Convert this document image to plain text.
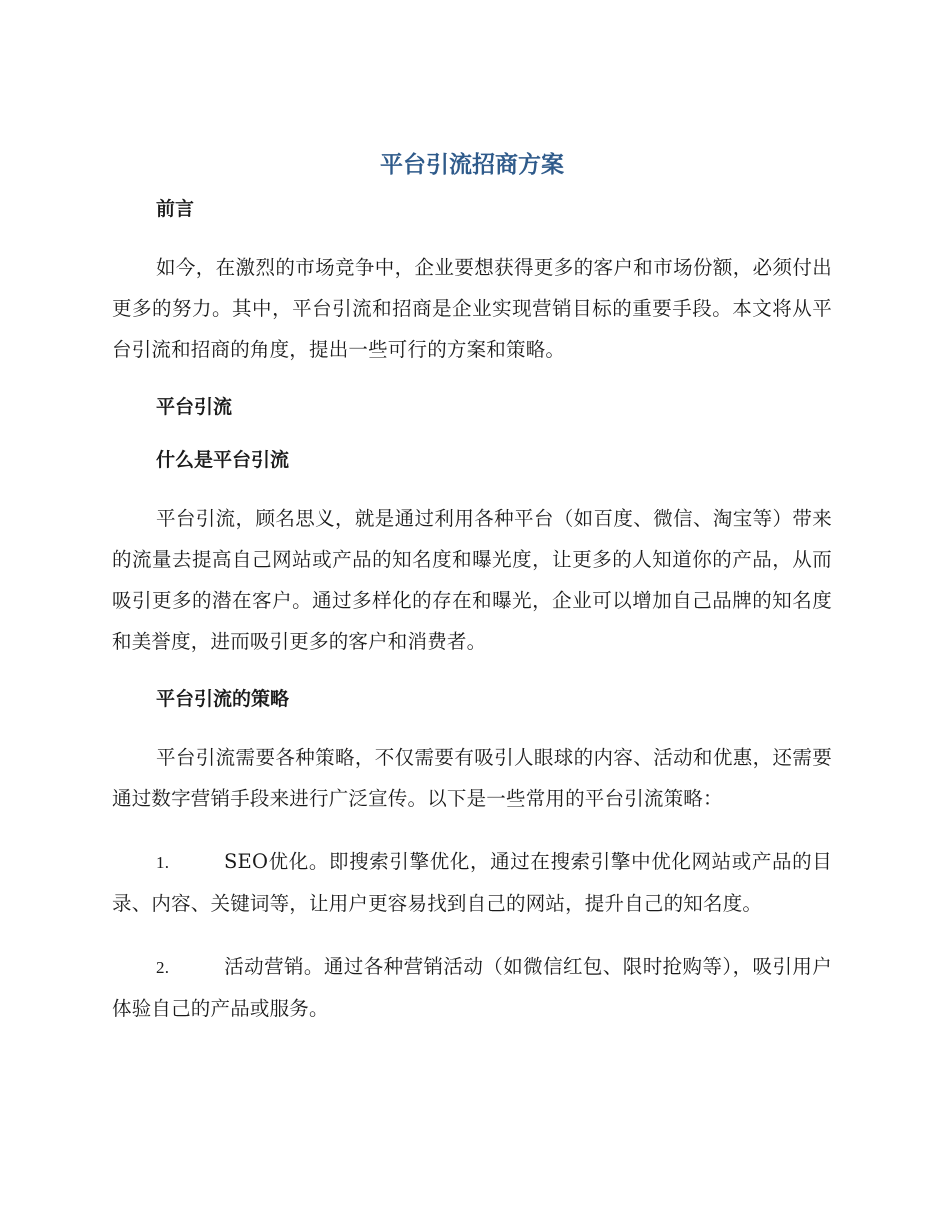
平台引流招商方案
前言

如今，在激烈的市场竞争中，企业要想获得更多的客户和市场份额，必须付出更多的努力。其中，平台引流和招商是企业实现营销目标的重要手段。本文将从平台引流和招商的角度，提出一些可行的方案和策略。

平台引流
什么是平台引流

平台引流，顾名思义，就是通过利用各种平台（如百度、微信、淘宝等）带来的流量去提高自己网站或产品的知名度和曝光度，让更多的人知道你的产品，从而吸引更多的潜在客户。通过多样化的存在和曝光，企业可以增加自己品牌的知名度和美誉度，进而吸引更多的客户和消费者。

平台引流的策略

平台引流需要各种策略，不仅需要有吸引人眼球的内容、活动和优惠，还需要通过数字营销手段来进行广泛宣传。以下是一些常用的平台引流策略：

1.	SEO优化。即搜索引擎优化，通过在搜索引擎中优化网站或产品的目录、内容、关键词等，让用户更容易找到自己的网站，提升自己的知名度。

2.	活动营销。通过各种营销活动（如微信红包、限时抢购等），吸引用户体验自己的产品或服务。
